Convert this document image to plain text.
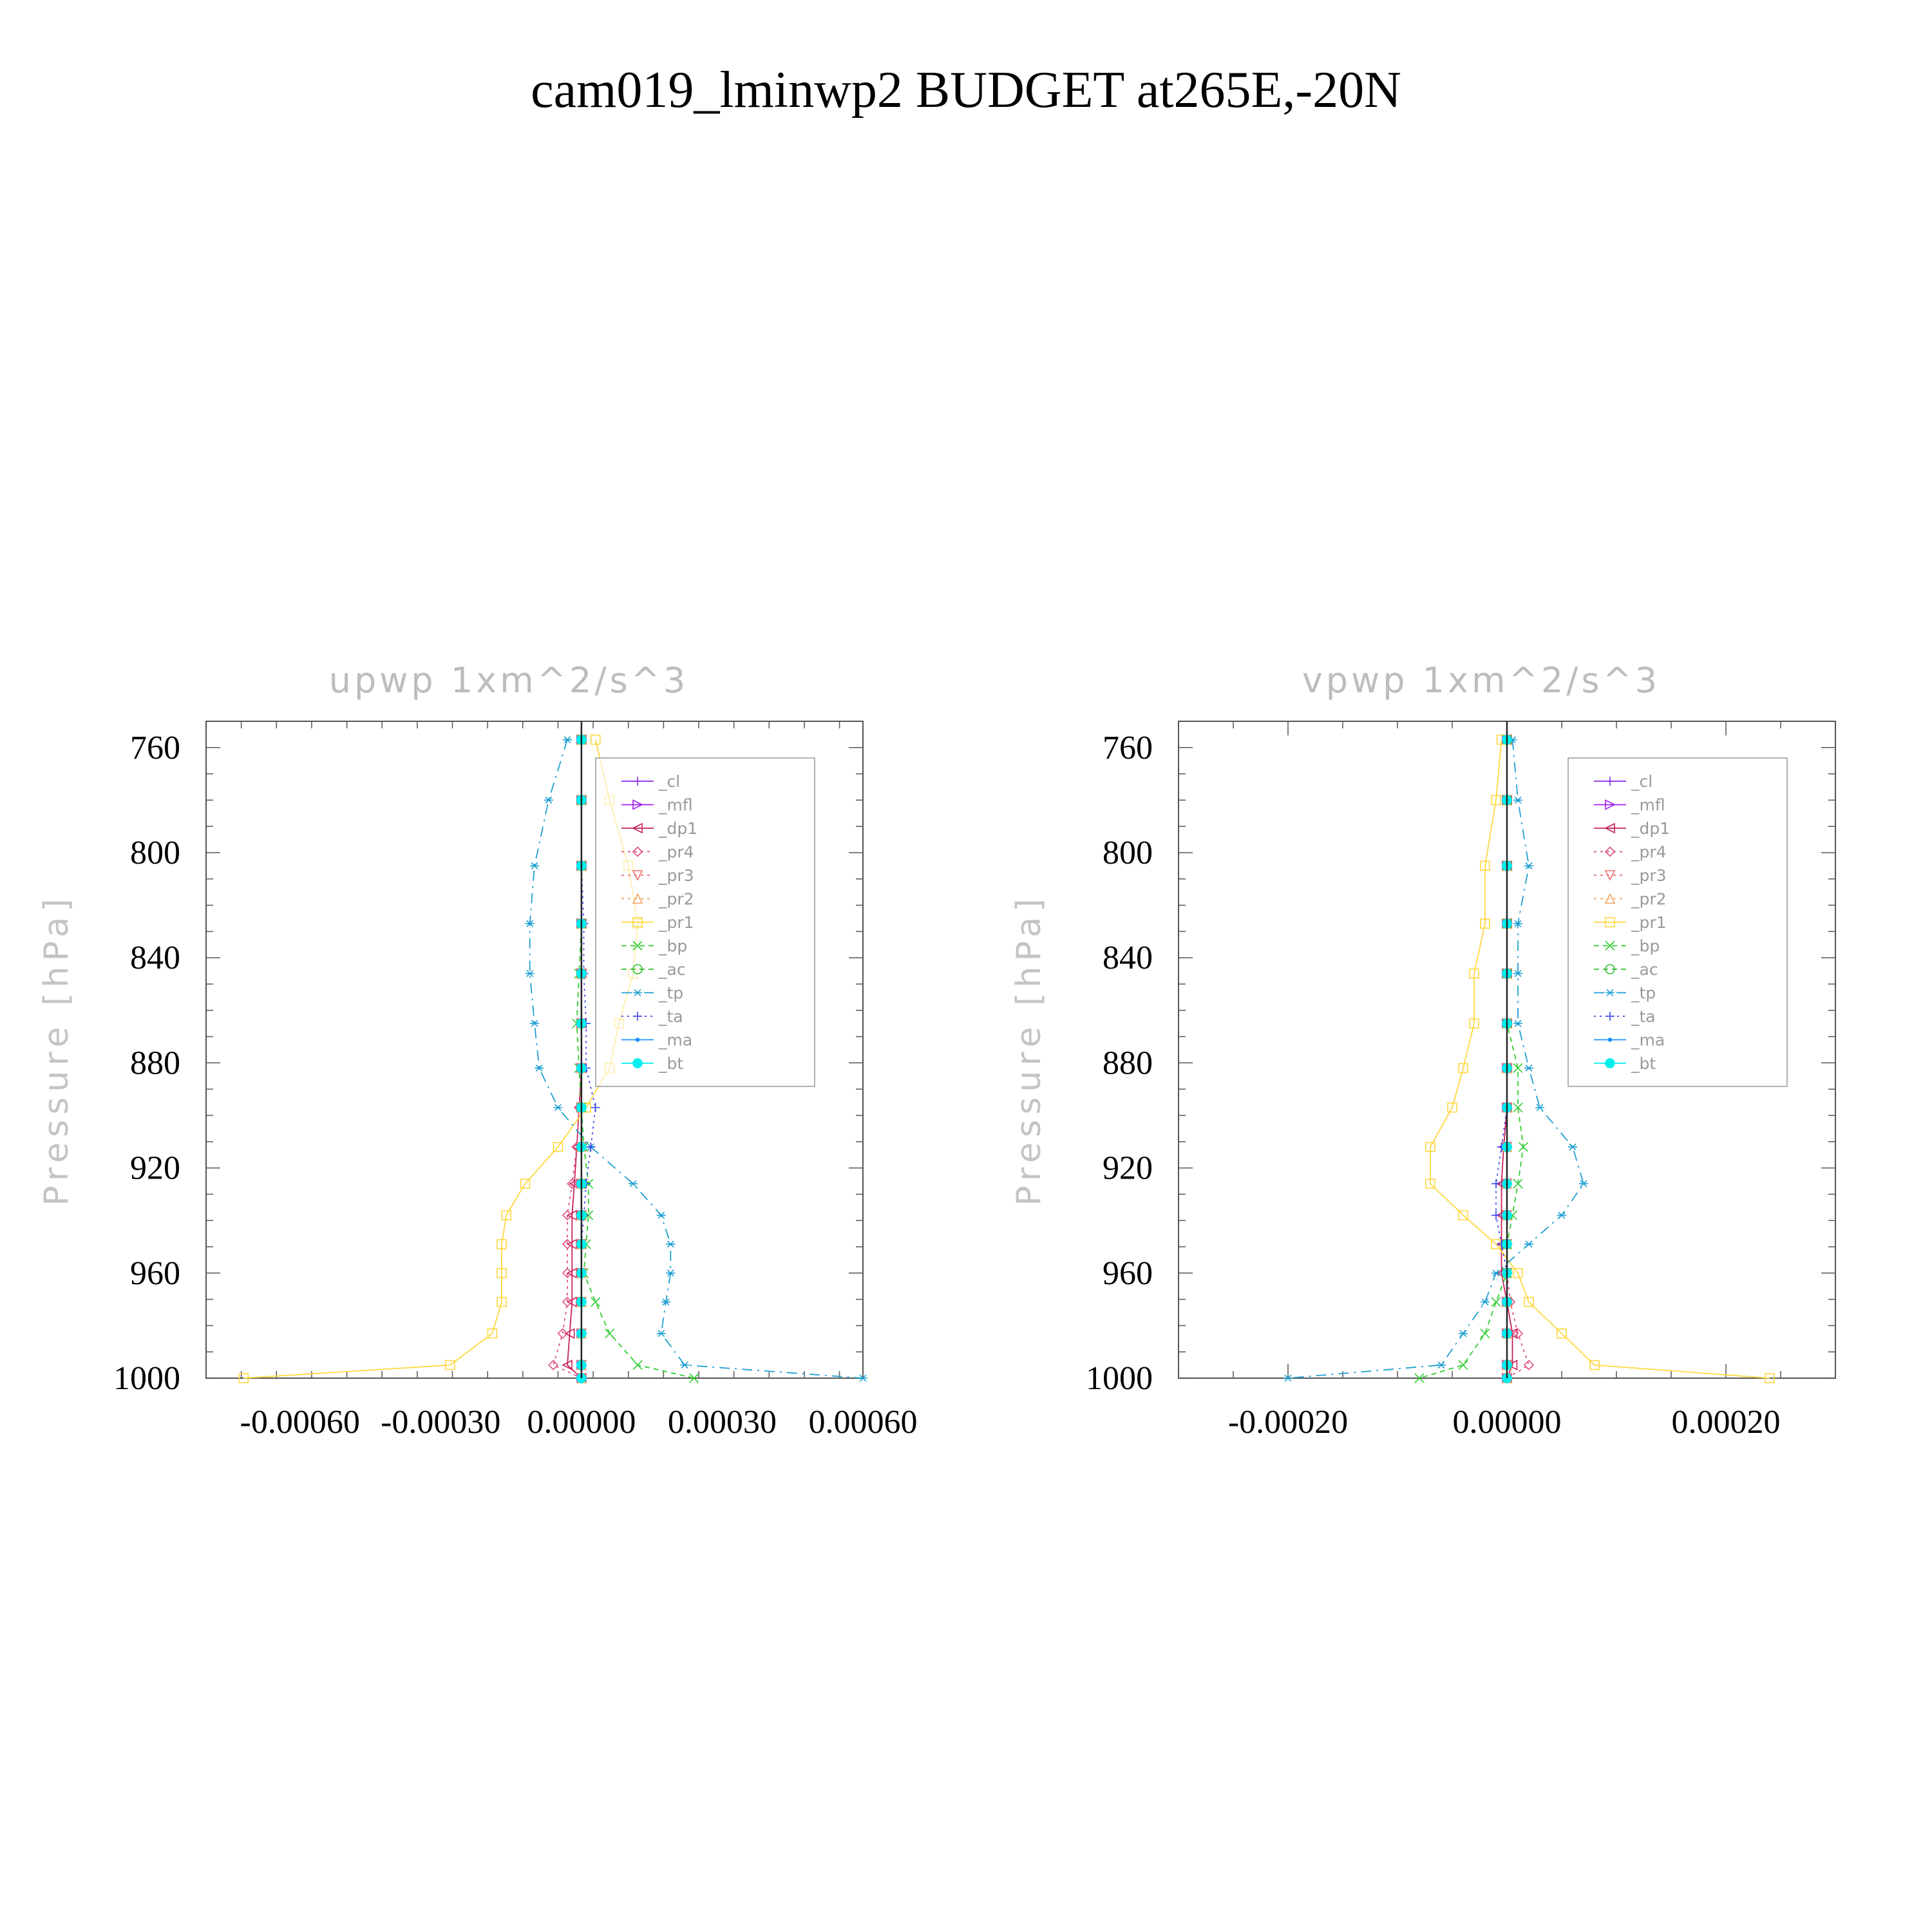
cam019_lminwp2 BUDGET at265E,-20N
upwp 1xm^2/s^3
Pressure [hPa]
760
800
840
880
920
960
1000
-0.00060 -0.00030 0.00000 0.00030 0.00060
_cl
_mfl
_dp1
_pr4
_pr3
_pr2
_pr1
_bp
_ac
_tp
_ta
_ma
_bt
vpwp 1xm^2/s^3
Pressure [hPa]
760
800
840
880
920
960
1000
-0.00020	0.00000	0.00020
_cl
_mfl
_dp1
_pr4
_pr3
_pr2
_pr1
_bp
_ac
_tp
_ta
_ma
_bt
